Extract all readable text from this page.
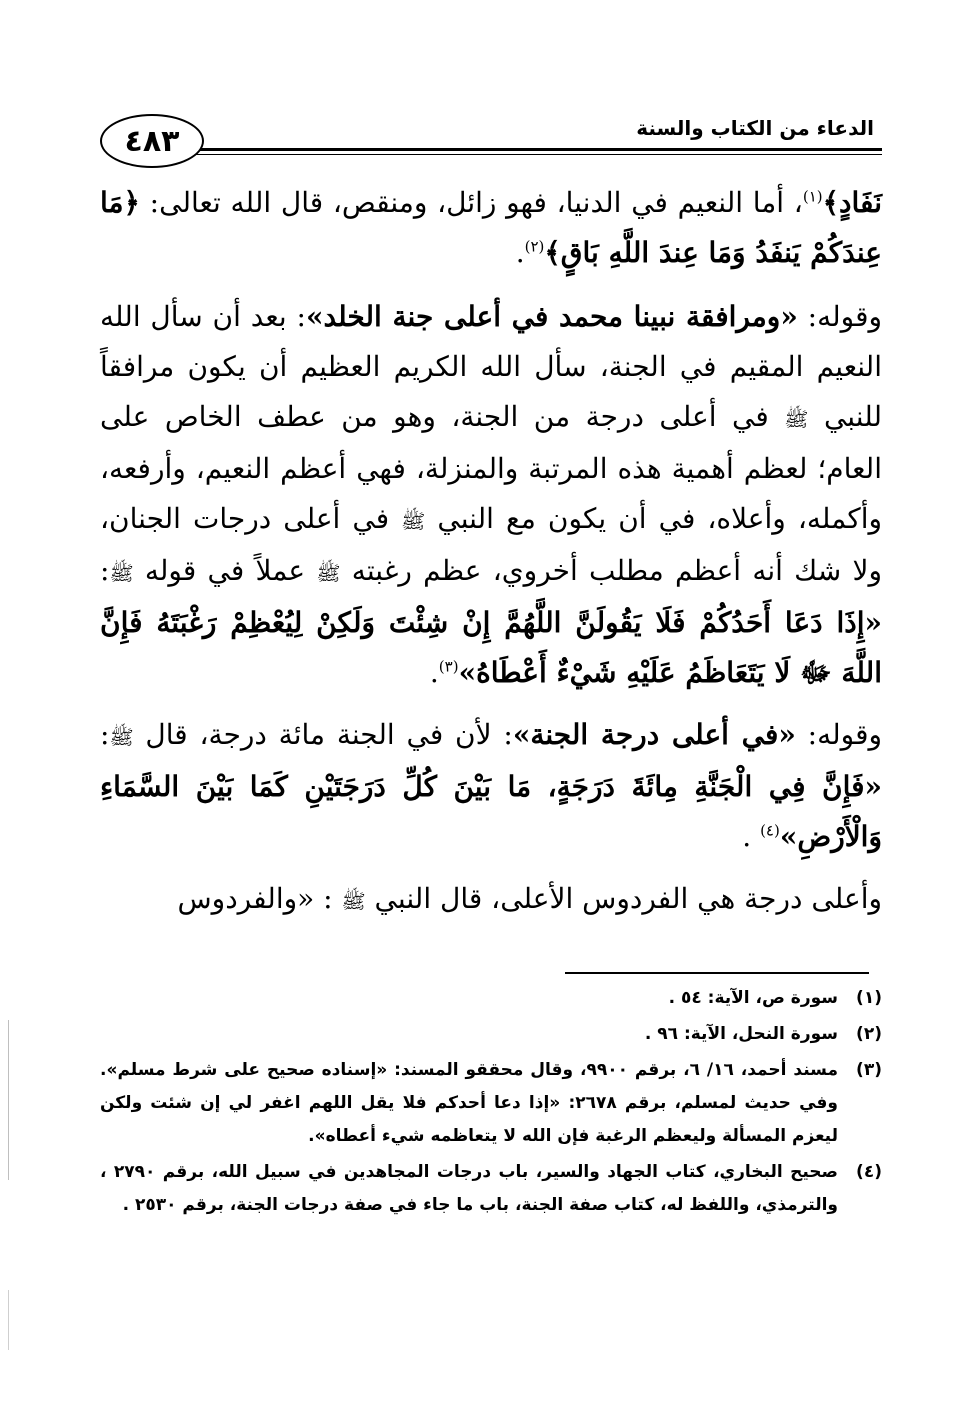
الدعاء من الكتاب والسنة
٤٨٣

نَفَادٍ﴾$^{(١)}$، أما النعيم في الدنيا، فهو زائل، ومنقص، قال الله تعالى: ﴿مَا عِندَكُمْ يَنفَدُ وَمَا عِندَ اللَّهِ بَاقٍ﴾$^{(٢)}$.

وقوله: «ومرافقة نبينا محمد في أعلى جنة الخلد»: بعد أن سأل الله النعيم المقيم في الجنة، سأل الله الكريم العظيم أن يكون مرافقاً للنبي ﷺ في أعلى درجة من الجنة، وهو من عطف الخاص على العام؛ لعظم أهمية هذه المرتبة والمنزلة، فهي أعظم النعيم، وأرفعه، وأكمله، وأعلاه، في أن يكون مع النبي ﷺ في أعلى درجات الجنان، ولا شك أنه أعظم مطلب أخروي، عظم رغبته ﷺ عملاً في قوله ﷺ: «إِذَا دَعَا أَحَدُكُمْ فَلَا يَقُولَنَّ اللَّهُمَّ إِنْ شِئْتَ وَلَكِنْ لِيُعْظِمْ رَغْبَتَهُ فَإِنَّ اللَّهَ ﷻ لَا يَتَعَاظَمُ عَلَيْهِ شَيْءٌ أَعْطَاهُ»$^{(٣)}$.

وقوله: «في أعلى درجة الجنة»: لأن في الجنة مائة درجة، قال ﷺ: «فَإِنَّ فِي الْجَنَّةِ مِائَةَ دَرَجَةٍ، مَا بَيْنَ كُلِّ دَرَجَتَيْنِ كَمَا بَيْنَ السَّمَاءِ وَالْأَرْضِ»$^{(٤)}$ .

وأعلى درجة هي الفردوس الأعلى، قال النبي ﷺ : «والفردوس

(١)
سورة ص، الآية: ٥٤ .
(٢)
سورة النحل، الآية: ٩٦ .
(٣)
مسند أحمد، ١٦/ ٦، برقم ٩٩٠٠، وقال محققو المسند: «إسناده صحيح على شرط مسلم». وفي حديث لمسلم، برقم ٢٦٧٨: «إذا دعا أحدكم فلا يقل اللهم اغفر لي إن شئت ولكن ليعزم المسألة وليعظم الرغبة فإن الله لا يتعاظمه شيء أعطاه».
(٤)
صحيح البخاري، كتاب الجهاد والسير، باب درجات المجاهدين في سبيل الله، برقم ٢٧٩٠ ، والترمذي، واللفظ له، كتاب صفة الجنة، باب ما جاء في صفة درجات الجنة، برقم ٢٥٣٠ .
